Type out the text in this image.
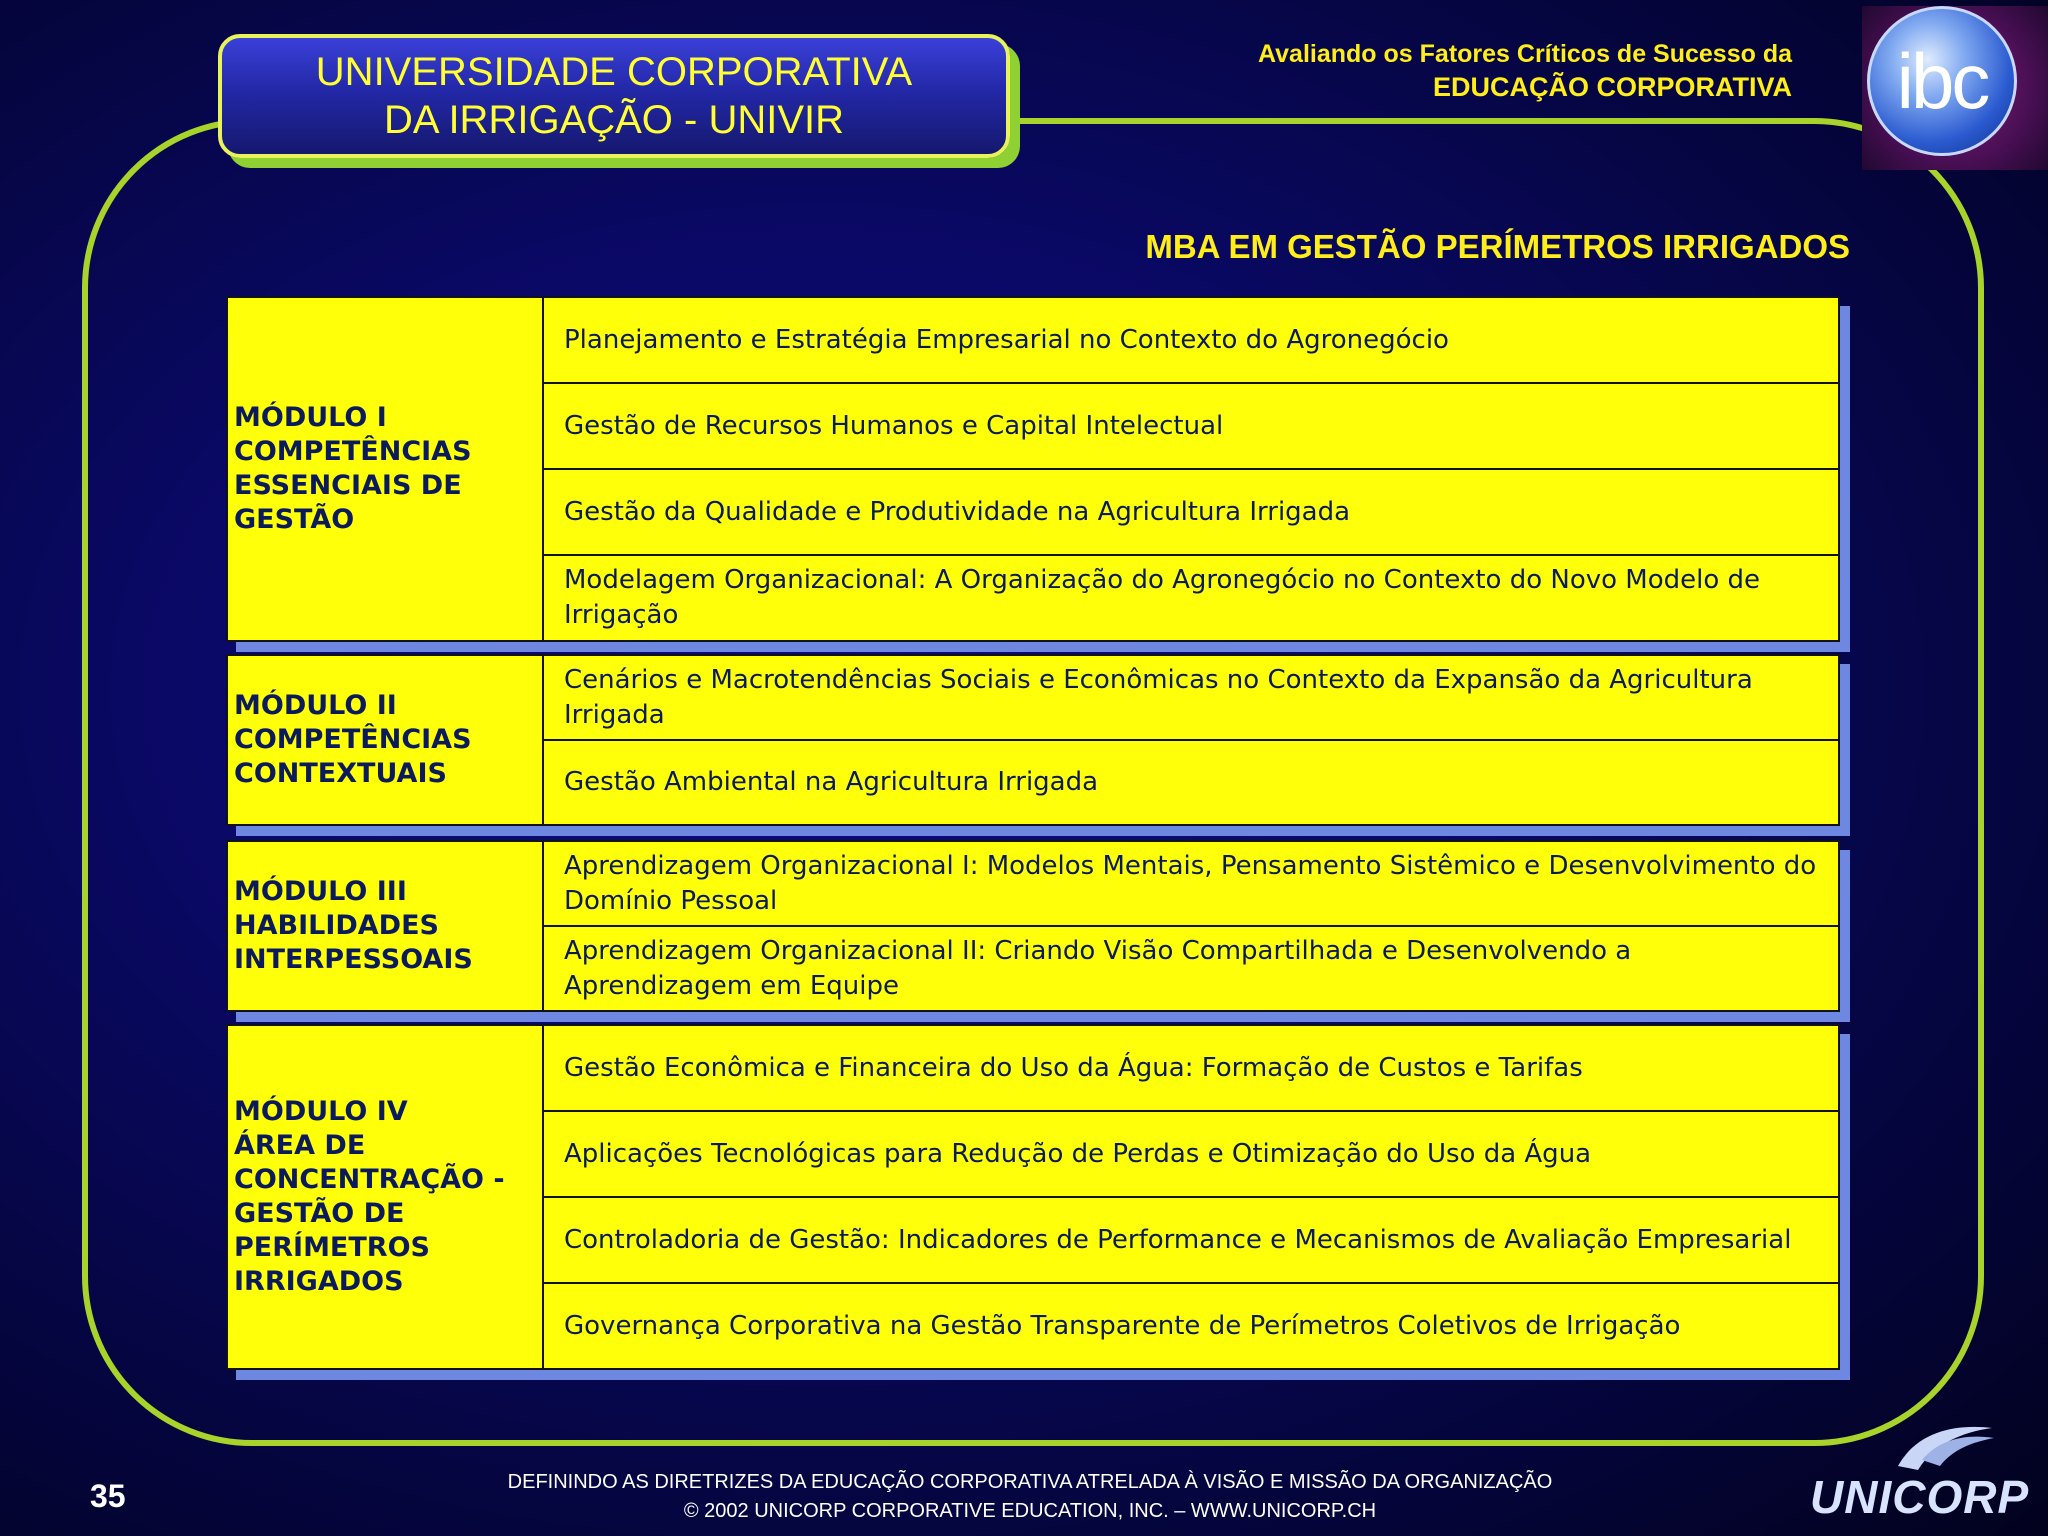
UNIVERSIDADE CORPORATIVA
DA IRRIGAÇÃO - UNIVIR
Avaliando os Fatores Críticos de Sucesso da
EDUCAÇÃO CORPORATIVA ibc
MBA EM GESTÃO PERÍMETROS IRRIGADOS
MÓDULO I
COMPETÊNCIAS
ESSENCIAIS DE
GESTÃO
Planejamento e Estratégia Empresarial no Contexto do Agronegócio
Gestão de Recursos Humanos e Capital Intelectual
Gestão da Qualidade e Produtividade na Agricultura Irrigada
Modelagem Organizacional: A Organização do Agronegócio no Contexto do Novo Modelo de Irrigação
MÓDULO II
COMPETÊNCIAS
CONTEXTUAIS
Cenários e Macrotendências Sociais e Econômicas no Contexto da Expansão da Agricultura Irrigada
Gestão Ambiental na Agricultura Irrigada
MÓDULO III
HABILIDADES
INTERPESSOAIS
Aprendizagem Organizacional I: Modelos Mentais, Pensamento Sistêmico e Desenvolvimento do Domínio Pessoal
Aprendizagem Organizacional II: Criando Visão Compartilhada e Desenvolvendo a Aprendizagem em Equipe
MÓDULO IV
ÁREA DE
CONCENTRAÇÃO -
GESTÃO DE
PERÍMETROS
IRRIGADOS
Gestão Econômica e Financeira do Uso da Água: Formação de Custos e Tarifas
Aplicações Tecnológicas para Redução de Perdas e Otimização do Uso da Água
Controladoria de Gestão: Indicadores de Performance e Mecanismos de Avaliação Empresarial
Governança Corporativa na Gestão Transparente de Perímetros Coletivos de Irrigação
35	DEFININDO AS DIRETRIZES DA EDUCAÇÃO CORPORATIVA ATRELADA À VISÃO E MISSÃO DA ORGANIZAÇÃO
© 2002 UNICORP CORPORATIVE EDUCATION, INC. – WWW.UNICORP.CH	UNICORP
